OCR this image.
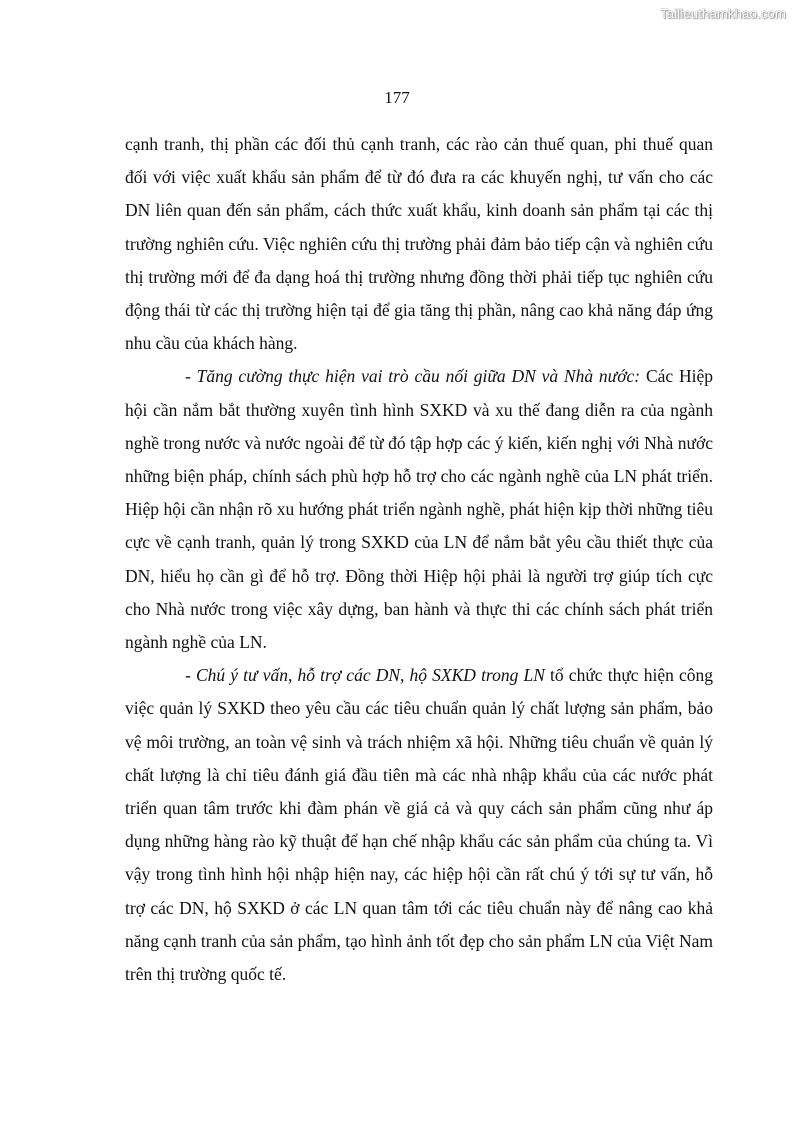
Tailieuthamkhao.com
177

cạnh tranh, thị phần các đối thủ cạnh tranh, các rào cản thuế quan, phi thuế quan đối với việc xuất khẩu sản phẩm để từ đó đưa ra các khuyến nghị, tư vấn cho các DN liên quan đến sản phẩm, cách thức xuất khẩu, kinh doanh sản phẩm tại các thị trường nghiên cứu. Việc nghiên cứu thị trường phải đảm bảo tiếp cận và nghiên cứu thị trường mới để đa dạng hoá thị trường nhưng đồng thời phải tiếp tục nghiên cứu động thái từ các thị trường hiện tại để gia tăng thị phần, nâng cao khả năng đáp ứng nhu cầu của khách hàng.

- Tăng cường thực hiện vai trò cầu nối giữa DN và Nhà nước: Các Hiệp hội cần nắm bắt thường xuyên tình hình SXKD và xu thế đang diễn ra của ngành nghề trong nước và nước ngoài để từ đó tập hợp các ý kiến, kiến nghị với Nhà nước những biện pháp, chính sách phù hợp hỗ trợ cho các ngành nghề của LN phát triển. Hiệp hội cần nhận rõ xu hướng phát triển ngành nghề, phát hiện kịp thời những tiêu cực về cạnh tranh, quản lý trong SXKD của LN để nắm bắt yêu cầu thiết thực của DN, hiểu họ cần gì để hỗ trợ. Đồng thời Hiệp hội phải là người trợ giúp tích cực cho Nhà nước trong việc xây dựng, ban hành và thực thi các chính sách phát triển ngành nghề của LN.

- Chú ý tư vấn, hỗ trợ các DN, hộ SXKD trong LN tổ chức thực hiện công việc quản lý SXKD theo yêu cầu các tiêu chuẩn quản lý chất lượng sản phẩm, bảo vệ môi trường, an toàn vệ sinh và trách nhiệm xã hội. Những tiêu chuẩn về quản lý chất lượng là chỉ tiêu đánh giá đầu tiên mà các nhà nhập khẩu của các nước phát triển quan tâm trước khi đàm phán về giá cả và quy cách sản phẩm cũng như áp dụng những hàng rào kỹ thuật để hạn chế nhập khẩu các sản phẩm của chúng ta. Vì vậy trong tình hình hội nhập hiện nay, các hiệp hội cần rất chú ý tới sự tư vấn, hỗ trợ các DN, hộ SXKD ở các LN quan tâm tới các tiêu chuẩn này để nâng cao khả năng cạnh tranh của sản phẩm, tạo hình ảnh tốt đẹp cho sản phẩm LN của Việt Nam trên thị trường quốc tế.
